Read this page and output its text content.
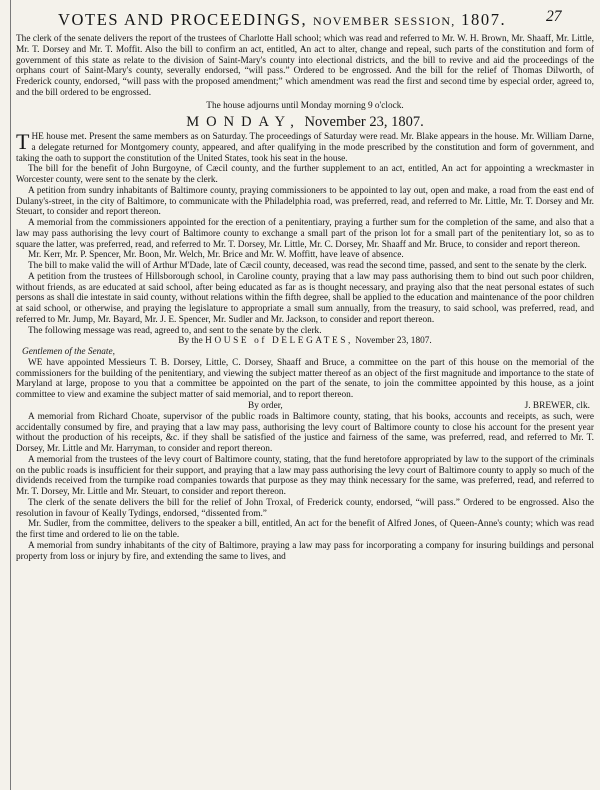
VOTES AND PROCEEDINGS, NOVEMBER SESSION, 1807.	27

The clerk of the senate delivers the report of the trustees of Charlotte Hall school; which was read and referred to Mr. W. H. Brown, Mr. Shaaff, Mr. Little, Mr. T. Dorsey and Mr. T. Moffit. Also the bill to confirm an act, entitled, An act to alter, change and repeal, such parts of the constitution and form of government of this state as relate to the division of Saint-Mary's county into electional districts, and the bill to revive and aid the proceedings of the orphans court of Saint-Mary's county, severally endorsed, “will pass.” Ordered to be engrossed. And the bill for the relief of Thomas Dilworth, of Frederick county, endorsed, “will pass with the proposed amendment;” which amendment was read the first and second time by especial order, agreed to, and the bill ordered to be engrossed.

The house adjourns until Monday morning 9 o'clock.

MONDAY, November 23, 1807.

THE house met. Present the same members as on Saturday. The proceedings of Saturday were read. Mr. Blake appears in the house. Mr. William Darne, a delegate returned for Montgomery county, appeared, and after qualifying in the mode prescribed by the constitution and form of government, and taking the oath to support the constitution of the United States, took his seat in the house.

The bill for the benefit of John Burgoyne, of Cæcil county, and the further supplement to an act, entitled, An act for appointing a wreckmaster in Worcester county, were sent to the senate by the clerk.

A petition from sundry inhabitants of Baltimore county, praying commissioners to be appointed to lay out, open and make, a road from the east end of Dulany's-street, in the city of Baltimore, to communicate with the Philadelphia road, was preferred, read, and referred to Mr. Little, Mr. T. Dorsey and Mr. Steuart, to consider and report thereon.

A memorial from the commissioners appointed for the erection of a penitentiary, praying a further sum for the completion of the same, and also that a law may pass authorising the levy court of Baltimore county to exchange a small part of the prison lot for a small part of the penitentiary lot, so as to square the latter, was preferred, read, and referred to Mr. T. Dorsey, Mr. Little, Mr. C. Dorsey, Mr. Shaaff and Mr. Bruce, to consider and report thereon.

Mr. Kerr, Mr. P. Spencer, Mr. Boon, Mr. Welch, Mr. Brice and Mr. W. Moffitt, have leave of absence.

The bill to make valid the will of Arthur M'Dade, late of Cæcil county, deceased, was read the second time, passed, and sent to the senate by the clerk.

A petition from the trustees of Hillsborough school, in Caroline county, praying that a law may pass authorising them to bind out such poor children, without friends, as are educated at said school, after being educated as far as is thought necessary, and praying also that the neat personal estates of such persons as shall die intestate in said county, without relations within the fifth degree, shall be applied to the education and maintenance of the poor children at said school, or otherwise, and praying the legislature to appropriate a small sum annually, from the treasury, to said school, was preferred, read, and referred to Mr. Jump, Mr. Bayard, Mr. J. E. Spencer, Mr. Sudler and Mr. Jackson, to consider and report thereon.

The following message was read, agreed to, and sent to the senate by the clerk.

By the HOUSE of DELEGATES, November 23, 1807.

Gentlemen of the Senate,

WE have appointed Messieurs T. B. Dorsey, Little, C. Dorsey, Shaaff and Bruce, a committee on the part of this house on the memorial of the commissioners for the building of the penitentiary, and viewing the subject matter thereof as an object of the first magnitude and importance to the state of Maryland at large, propose to you that a committee be appointed on the part of the senate, to join the committee appointed by this house, as a joint committee to view and examine the subject matter of said memorial, and to report thereon.

By order,	J. BREWER, clk.

A memorial from Richard Choate, supervisor of the public roads in Baltimore county, stating, that his books, accounts and receipts, as such, were accidentally consumed by fire, and praying that a law may pass, authorising the levy court of Baltimore county to close his account for the present year without the production of his receipts, &c. if they shall be satisfied of the justice and fairness of the same, was preferred, read, and referred to Mr. T. Dorsey, Mr. Little and Mr. Harryman, to consider and report thereon.

A memorial from the trustees of the levy court of Baltimore county, stating, that the fund heretofore appropriated by law to the support of the criminals on the public roads is insufficient for their support, and praying that a law may pass authorising the levy court of Baltimore county to apply so much of the dividends received from the turnpike road companies towards that purpose as they may think necessary for the same, was preferred, read, and referred to Mr. T. Dorsey, Mr. Little and Mr. Steuart, to consider and report thereon.

The clerk of the senate delivers the bill for the relief of John Troxal, of Frederick county, endorsed, “will pass.” Ordered to be engrossed. Also the resolution in favour of Keally Tydings, endorsed, “dissented from.”

Mr. Sudler, from the committee, delivers to the speaker a bill, entitled, An act for the benefit of Alfred Jones, of Queen-Anne's county; which was read the first time and ordered to lie on the table.

A memorial from sundry inhabitants of the city of Baltimore, praying a law may pass for incorporating a company for insuring buildings and personal property from loss or injury by fire, and extending the same to lives, and
